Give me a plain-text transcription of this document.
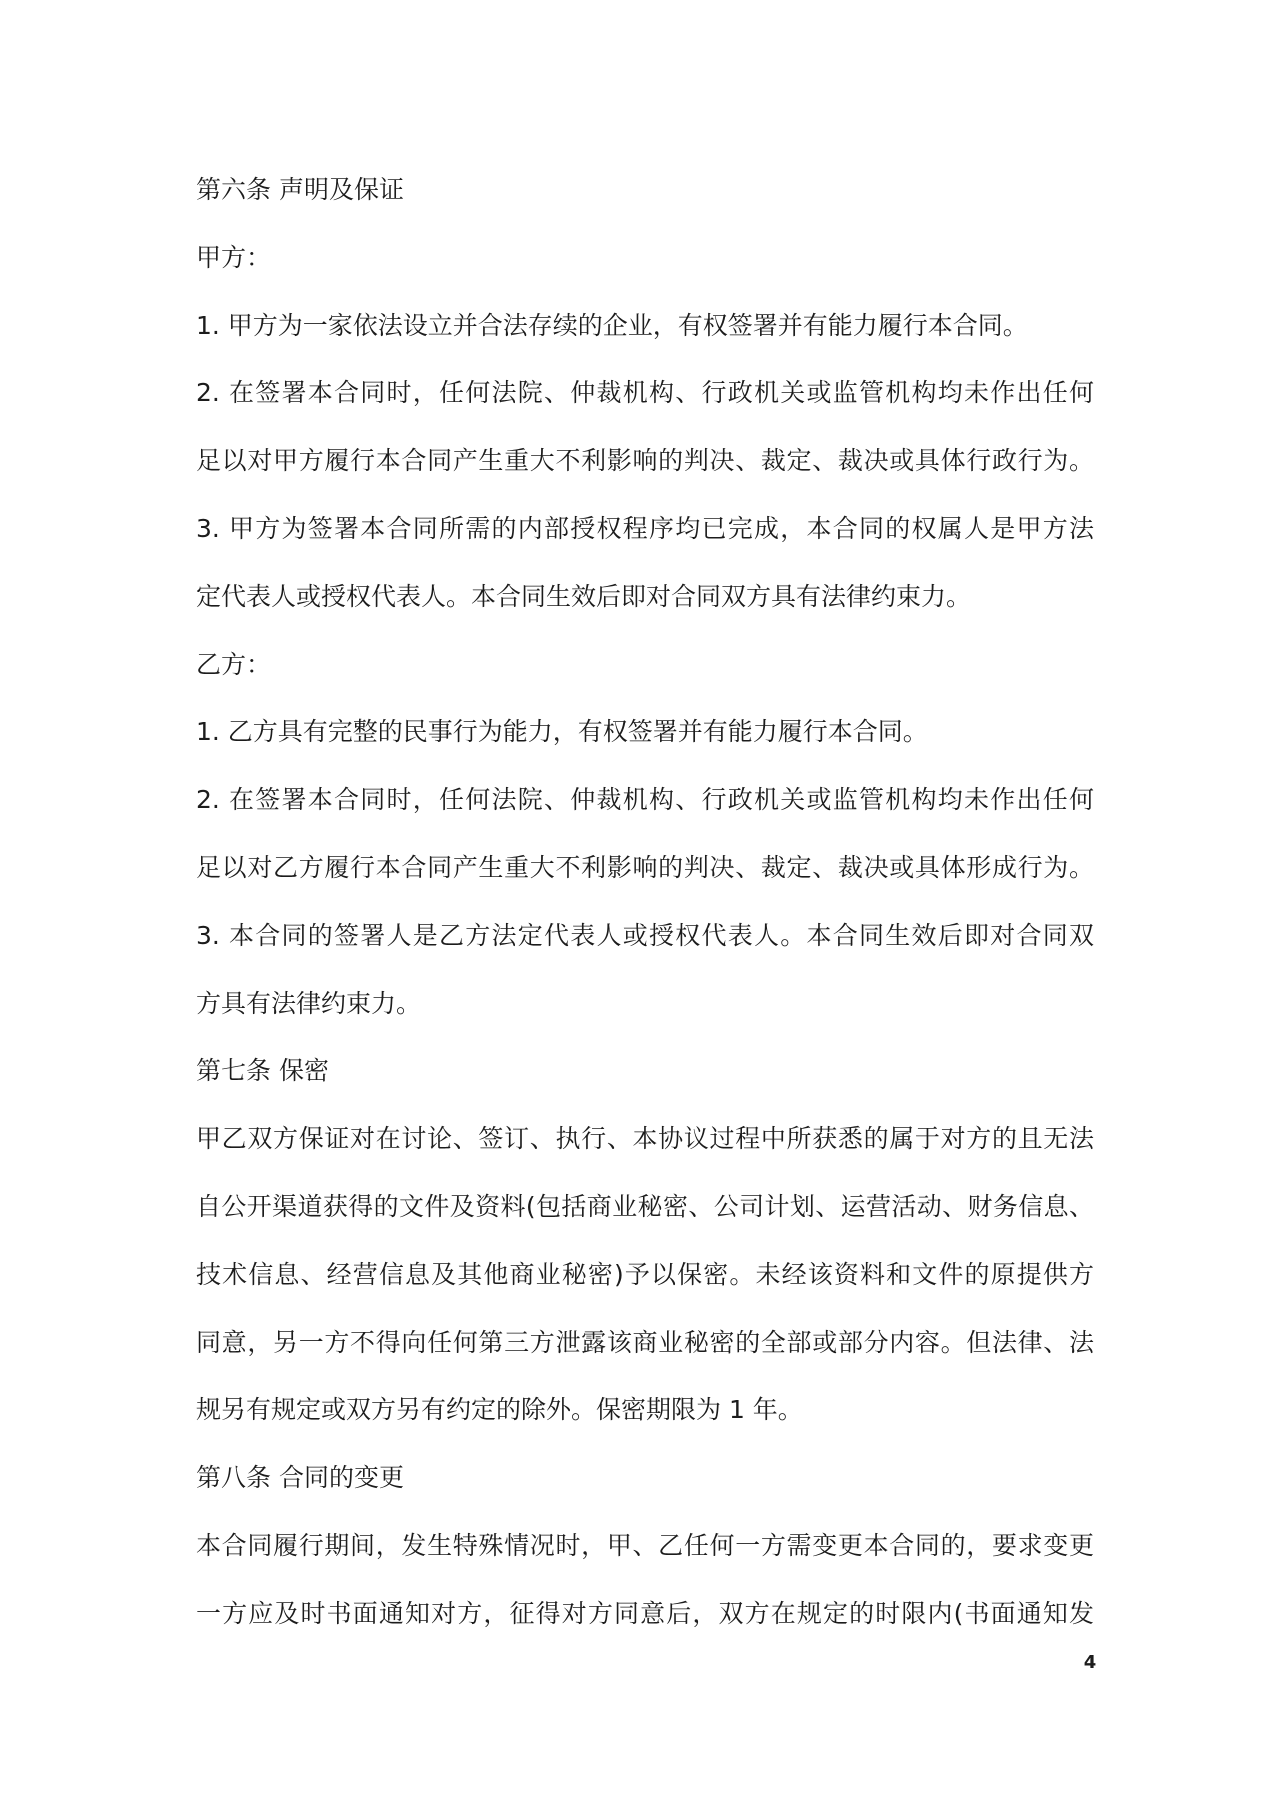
第六条 声明及保证
甲方：
1. 甲方为一家依法设立并合法存续的企业，有权签署并有能力履行本合同。
2. 在签署本合同时，任何法院、仲裁机构、行政机关或监管机构均未作出任何
足以对甲方履行本合同产生重大不利影响的判决、裁定、裁决或具体行政行为。
3. 甲方为签署本合同所需的内部授权程序均已完成，本合同的权属人是甲方法
定代表人或授权代表人。本合同生效后即对合同双方具有法律约束力。
乙方：
1. 乙方具有完整的民事行为能力，有权签署并有能力履行本合同。
2. 在签署本合同时，任何法院、仲裁机构、行政机关或监管机构均未作出任何
足以对乙方履行本合同产生重大不利影响的判决、裁定、裁决或具体形成行为。
3. 本合同的签署人是乙方法定代表人或授权代表人。本合同生效后即对合同双
方具有法律约束力。
第七条 保密
甲乙双方保证对在讨论、签订、执行、本协议过程中所获悉的属于对方的且无法
自公开渠道获得的文件及资料(包括商业秘密、公司计划、运营活动、财务信息、
技术信息、经营信息及其他商业秘密)予以保密。未经该资料和文件的原提供方
同意，另一方不得向任何第三方泄露该商业秘密的全部或部分内容。但法律、法
规另有规定或双方另有约定的除外。保密期限为 1 年。
第八条 合同的变更
本合同履行期间，发生特殊情况时，甲、乙任何一方需变更本合同的，要求变更
一方应及时书面通知对方，征得对方同意后，双方在规定的时限内(书面通知发
4
